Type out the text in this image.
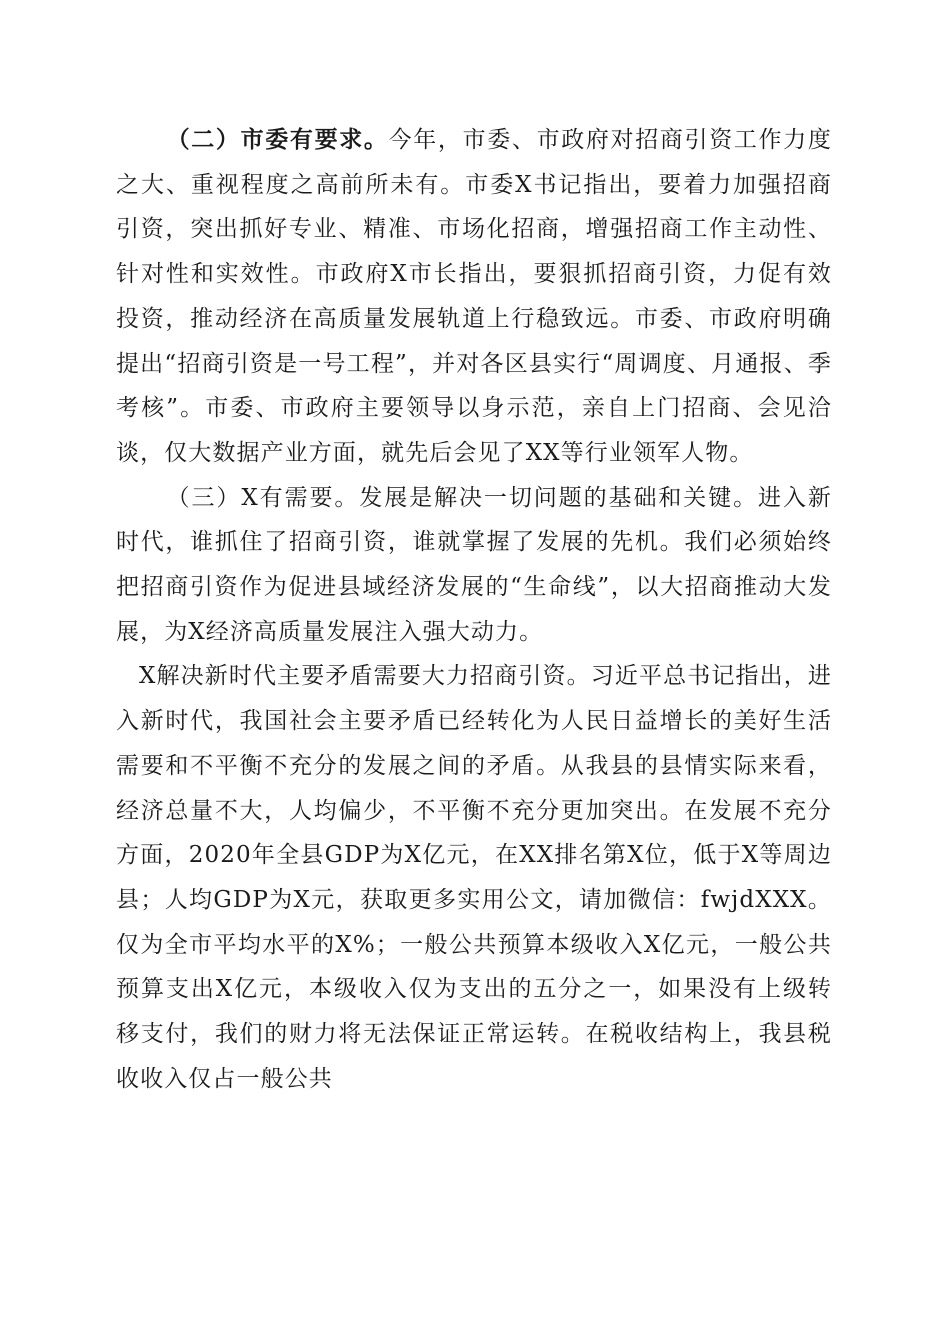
（二）市委有要求。今年，市委、市政府对招商引资工作力度之大、重视程度之高前所未有。市委X书记指出，要着力加强招商引资，突出抓好专业、精准、市场化招商，增强招商工作主动性、针对性和实效性。市政府X市长指出，要狠抓招商引资，力促有效投资，推动经济在高质量发展轨道上行稳致远。市委、市政府明确提出“招商引资是一号工程”，并对各区县实行“周调度、月通报、季考核”。市委、市政府主要领导以身示范，亲自上门招商、会见洽谈，仅大数据产业方面，就先后会见了XX等行业领军人物。

（三）X有需要。发展是解决一切问题的基础和关键。进入新时代，谁抓住了招商引资，谁就掌握了发展的先机。我们必须始终把招商引资作为促进县域经济发展的“生命线”，以大招商推动大发展，为X经济高质量发展注入强大动力。

X解决新时代主要矛盾需要大力招商引资。习近平总书记指出，进入新时代，我国社会主要矛盾已经转化为人民日益增长的美好生活需要和不平衡不充分的发展之间的矛盾。从我县的县情实际来看，经济总量不大，人均偏少，不平衡不充分更加突出。在发展不充分方面，2020年全县GDP为X亿元，在XX排名第X位，低于X等周边县；人均GDP为X元，获取更多实用公文，请加微信：fwjdXXX。仅为全市平均水平的X%；一般公共预算本级收入X亿元，一般公共预算支出X亿元，本级收入仅为支出的五分之一，如果没有上级转移支付，我们的财力将无法保证正常运转。在税收结构上，我县税收收入仅占一般公共
